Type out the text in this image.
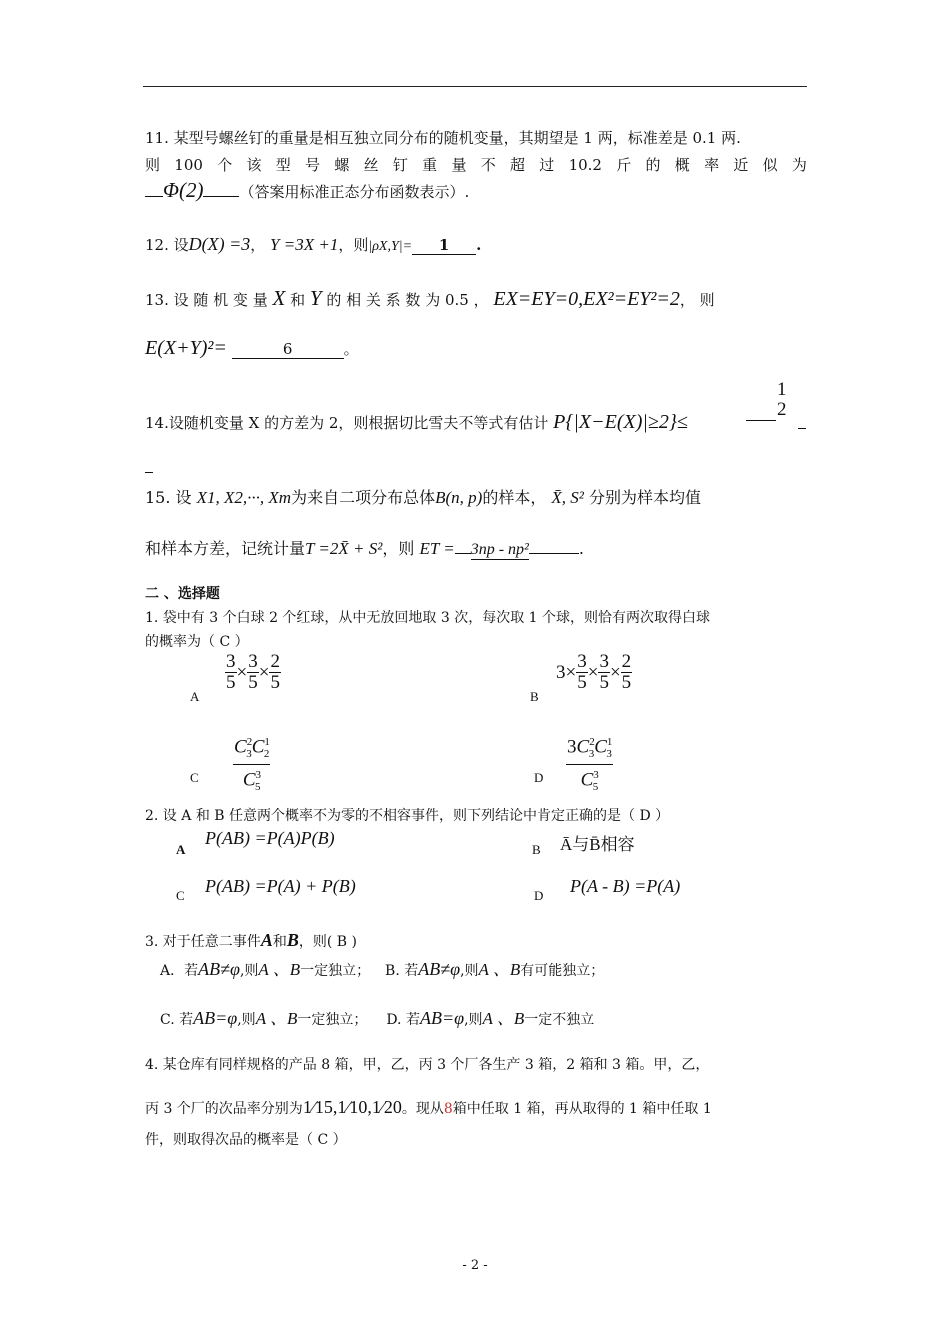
11. 某型号螺丝钉的重量是相互独立同分布的随机变量，其期望是 1 两，标准差是 0.1 两.
则 100 个 该 型 号 螺 丝 钉 重 量 不 超 过 10.2 斤 的 概 率 近 似 为
Φ(2) （答案用标准正态分布函数表示）.
12. 设D(X) =3， Y =3X +1，则|ρX,Y|= 1 .
13. 设 随 机 变 量 X 和 Y 的 相 关 系 数 为 0.5 ， EX=EY=0,EX²=EY²=2， 则
E(X+Y)²=	6	。
14.设随机变量 X 的方差为 2，则根据切比雪夫不等式有估计 P{|X−E(X)|≥2}≤
1
2
15. 设 X1, X2,···, Xm为来自二项分布总体B(n, p)的样本， X̄, S² 分别为样本均值
和样本方差，记统计量T =2X̄ + S²，则 ET = 3np - np²	.
二 、选择题
1. 袋中有 3 个白球 2 个红球，从中无放回地取 3 次，每次取 1 个球，则恰有两次取得白球
的概率为（ C ）
A
$\frac{3}{5} \times \frac{3}{5} \times \frac{2}{5}$
B
$3\times \frac{3}{5} \times \frac{3}{5} \times \frac{2}{5}$
C $\frac{C^2_3C^1_2}{C^3_5}$	D $\frac{3C^2_3C^1_3}{C^3_5}$
2. 设 A 和 B 任意两个概率不为零的不相容事件，则下列结论中肯定正确的是（ D ）
A
P(AB) =P(A)P(B)
B Ā与B̄相容
C P(AB) =P(A) + P(B)	D P(A - B) =P(A)
3. 对于任意二事件A和B，则( B )
A．若AB≠φ,则A 、B一定独立； B. 若AB≠φ,则A 、B有可能独立；
C. 若AB=φ,则A 、B一定独立； D. 若AB=φ,则A 、B一定不独立
4. 某仓库有同样规格的产品 8 箱，甲，乙，丙 3 个厂各生产 3 箱，2 箱和 3 箱。甲，乙，
丙 3 个厂的次品率分别为1⁄15,1⁄10,1⁄20。现从8箱中任取 1 箱，再从取得的 1 箱中任取 1
件，则取得次品的概率是（ C ）
- 2 -
